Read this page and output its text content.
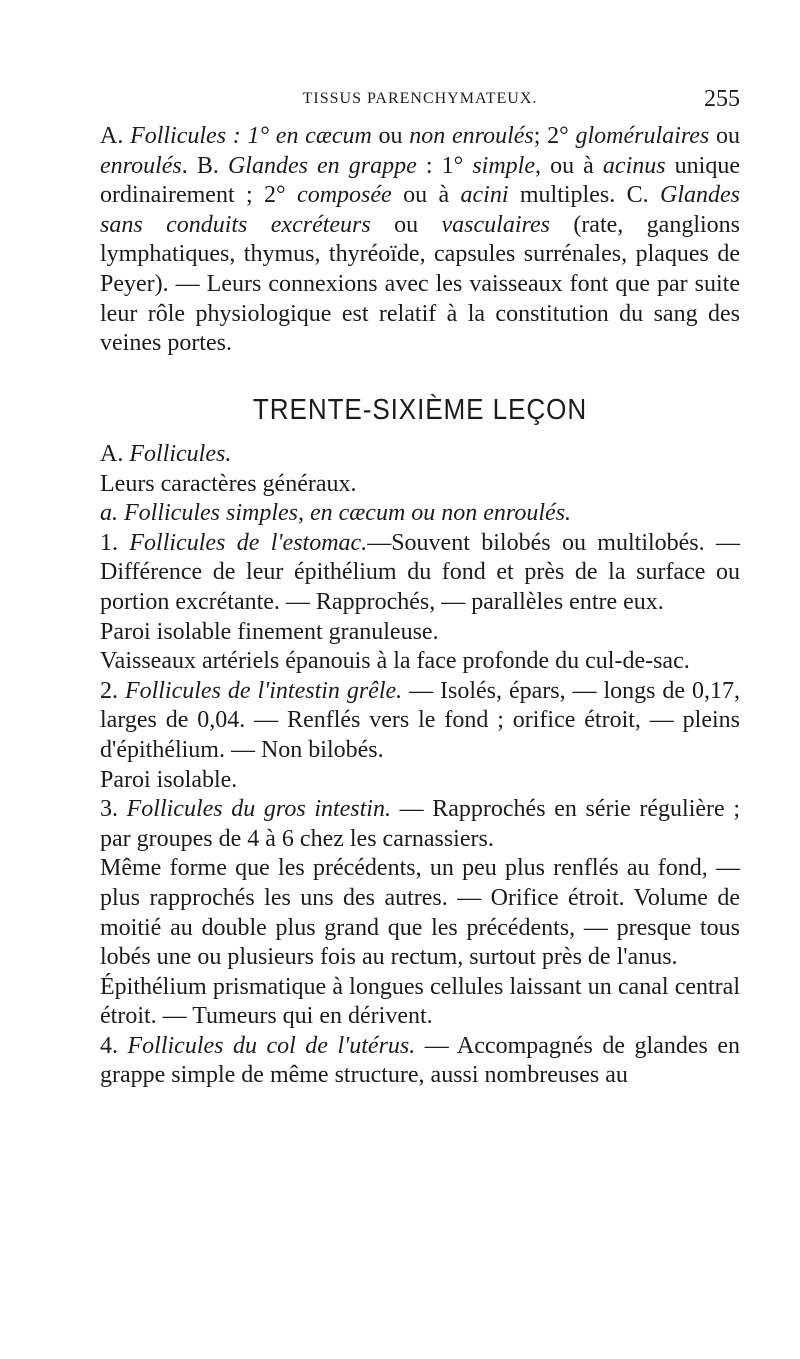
TISSUS PARENCHYMATEUX.	255

A. Follicules : 1° en cæcum ou non enroulés; 2° glomérulaires ou enroulés. B. Glandes en grappe : 1° simple, ou à acinus unique ordinairement ; 2° composée ou à acini multiples. C. Glandes sans conduits excréteurs ou vasculaires (rate, ganglions lymphatiques, thymus, thyréoïde, capsules surrénales, plaques de Peyer). — Leurs connexions avec les vaisseaux font que par suite leur rôle physiologique est relatif à la constitution du sang des veines portes.

TRENTE-SIXIÈME LEÇON

A. Follicules.

Leurs caractères généraux.

a. Follicules simples, en cæcum ou non enroulés.

1. Follicules de l'estomac.—Souvent bilobés ou multilobés. — Différence de leur épithélium du fond et près de la surface ou portion excrétante. — Rapprochés, — parallèles entre eux.

Paroi isolable finement granuleuse.

Vaisseaux artériels épanouis à la face profonde du cul-de-sac.

2. Follicules de l'intestin grêle. — Isolés, épars, — longs de 0,17, larges de 0,04. — Renflés vers le fond ; orifice étroit, — pleins d'épithélium. — Non bilobés.

Paroi isolable.

3. Follicules du gros intestin. — Rapprochés en série régulière ; par groupes de 4 à 6 chez les carnassiers.

Même forme que les précédents, un peu plus renflés au fond, — plus rapprochés les uns des autres. — Orifice étroit. Volume de moitié au double plus grand que les précédents, — presque tous lobés une ou plusieurs fois au rectum, surtout près de l'anus.

Épithélium prismatique à longues cellules laissant un canal central étroit. — Tumeurs qui en dérivent.

4. Follicules du col de l'utérus. — Accompagnés de glandes en grappe simple de même structure, aussi nombreuses au
